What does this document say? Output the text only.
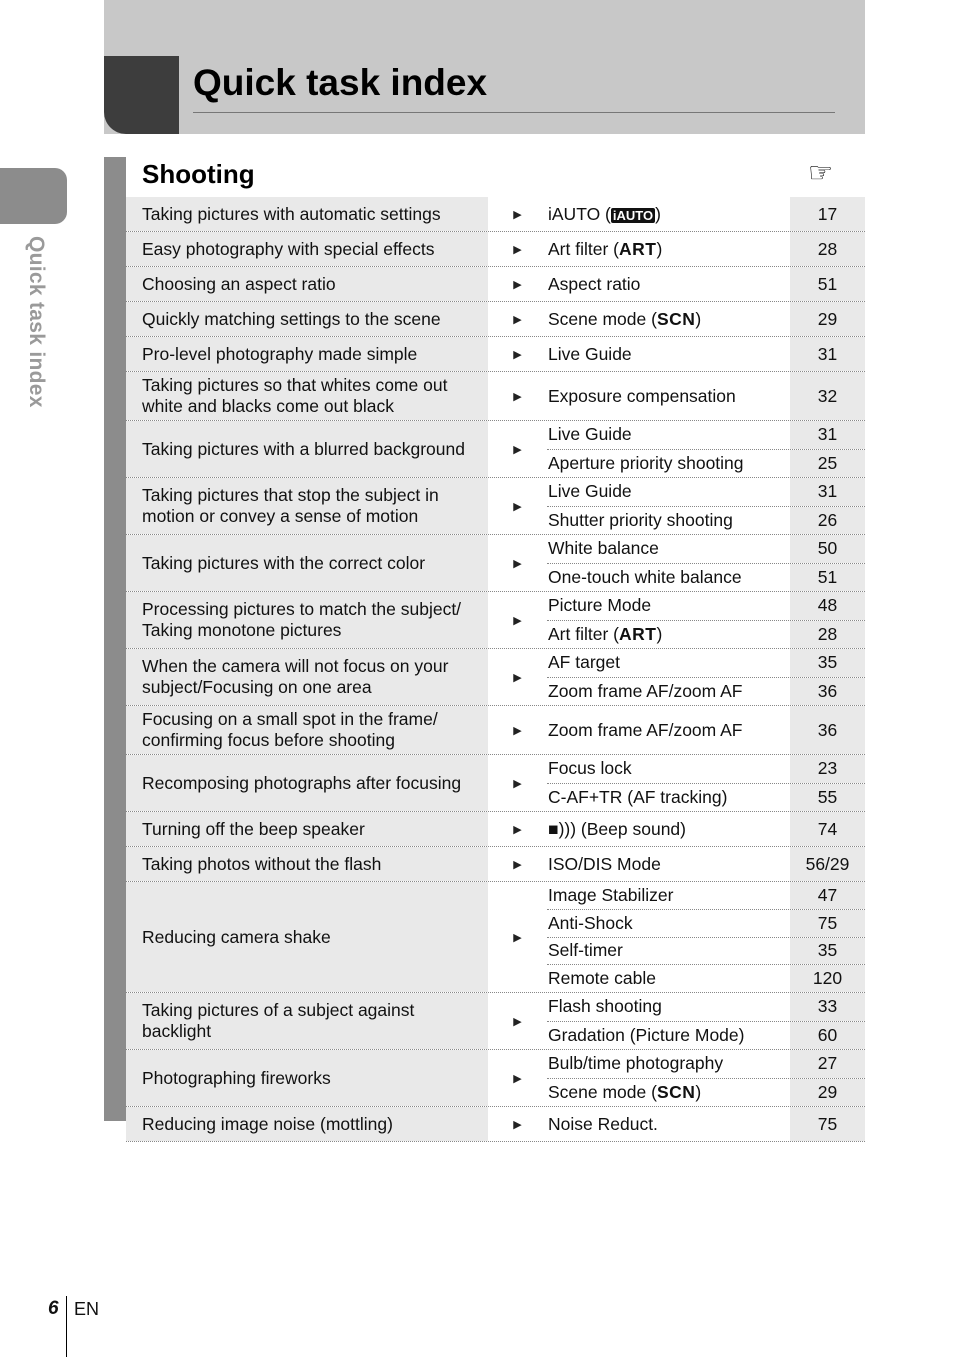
Quick task index
Quick task index
Shooting	☞
Taking pictures with automatic settings	▶	iAUTO ( iAUTO )	17
Easy photography with special effects	▶	Art filter (ART)	28
Choosing an aspect ratio	▶	Aspect ratio	51
Quickly matching settings to the scene	▶	Scene mode (SCN)	29
Pro-level photography made simple	▶	Live Guide	31
Taking pictures so that whites come out white and blacks come out black	▶	Exposure compensation	32
Taking pictures with a blurred background	▶
Live Guide	31
Aperture priority shooting	25
Taking pictures that stop the subject in motion or convey a sense of motion	▶
Live Guide	31
Shutter priority shooting	26
Taking pictures with the correct color	▶
White balance	50
One-touch white balance	51
Processing pictures to match the subject/ Taking monotone pictures	▶
Picture Mode	48
Art filter (ART)	28
When the camera will not focus on your subject/Focusing on one area	▶
AF target	35
Zoom frame AF/zoom AF	36
Focusing on a small spot in the frame/ confirming focus before shooting	▶	Zoom frame AF/zoom AF	36
Recomposing photographs after focusing	▶
Focus lock	23
C-AF+TR (AF tracking)	55
Turning off the beep speaker	▶	■))) (Beep sound)	74
Taking photos without the flash	▶	ISO/DIS Mode	56/29
Reducing camera shake	▶
Image Stabilizer	47
Anti-Shock	75
Self-timer	35
Remote cable	120
Taking pictures of a subject against backlight	▶
Flash shooting	33
Gradation (Picture Mode)	60
Photographing fireworks	▶
Bulb/time photography	27
Scene mode (SCN)	29
Reducing image noise (mottling)	▶	Noise Reduct.	75
6 EN
